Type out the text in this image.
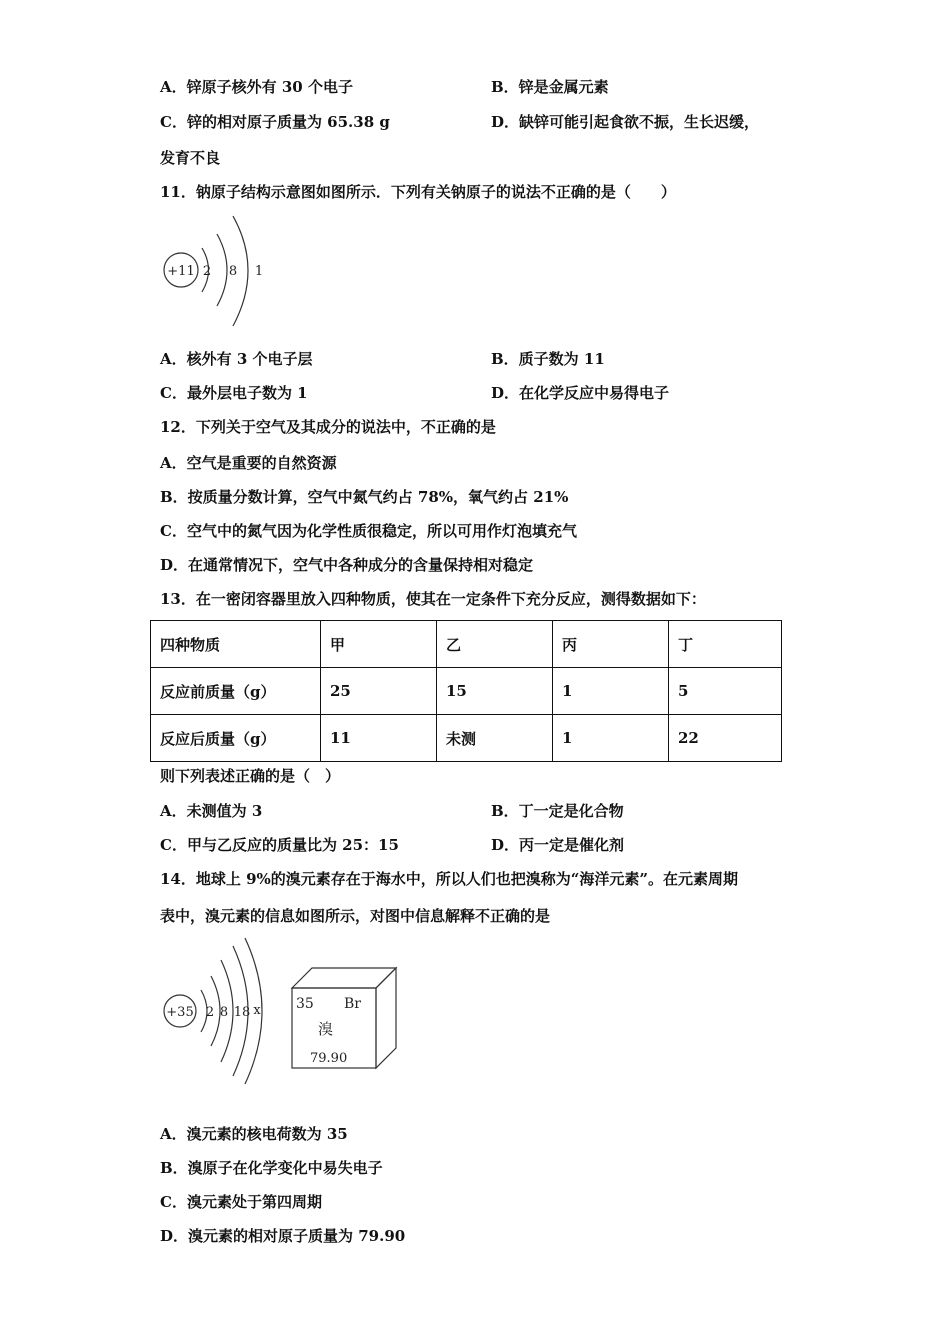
A．锌原子核外有 30 个电子	B．锌是金属元素
C．锌的相对原子质量为 65.38 g	D．缺锌可能引起食欲不振，生长迟缓，
发育不良
11．钠原子结构示意图如图所示．下列有关钠原子的说法不正确的是（　　）
+11 2 8 1
A．核外有 3 个电子层	B．质子数为 11
C．最外层电子数为 1	D．在化学反应中易得电子
12．下列关于空气及其成分的说法中，不正确的是
A．空气是重要的自然资源
B．按质量分数计算，空气中氮气约占 78%，氧气约占 21%
C．空气中的氮气因为化学性质很稳定，所以可用作灯泡填充气
D．在通常情况下，空气中各种成分的含量保持相对稳定
13．在一密闭容器里放入四种物质，使其在一定条件下充分反应，测得数据如下：
四种物质	甲	乙	丙	丁
反应前质量（g）	25	15	1	5
反应后质量（g）	11	未测	1	22
则下列表述正确的是（　）
A．未测值为 3	B．丁一定是化合物
C．甲与乙反应的质量比为 25：15	D．丙一定是催化剂
14．地球上 9%的溴元素存在于海水中，所以人们也把溴称为“海洋元素”。在元素周期
表中，溴元素的信息如图所示，对图中信息解释不正确的是
+35 2 8 18 x	35 Br
溴
79.90
A．溴元素的核电荷数为 35
B．溴原子在化学变化中易失电子
C．溴元素处于第四周期
D．溴元素的相对原子质量为 79.90
